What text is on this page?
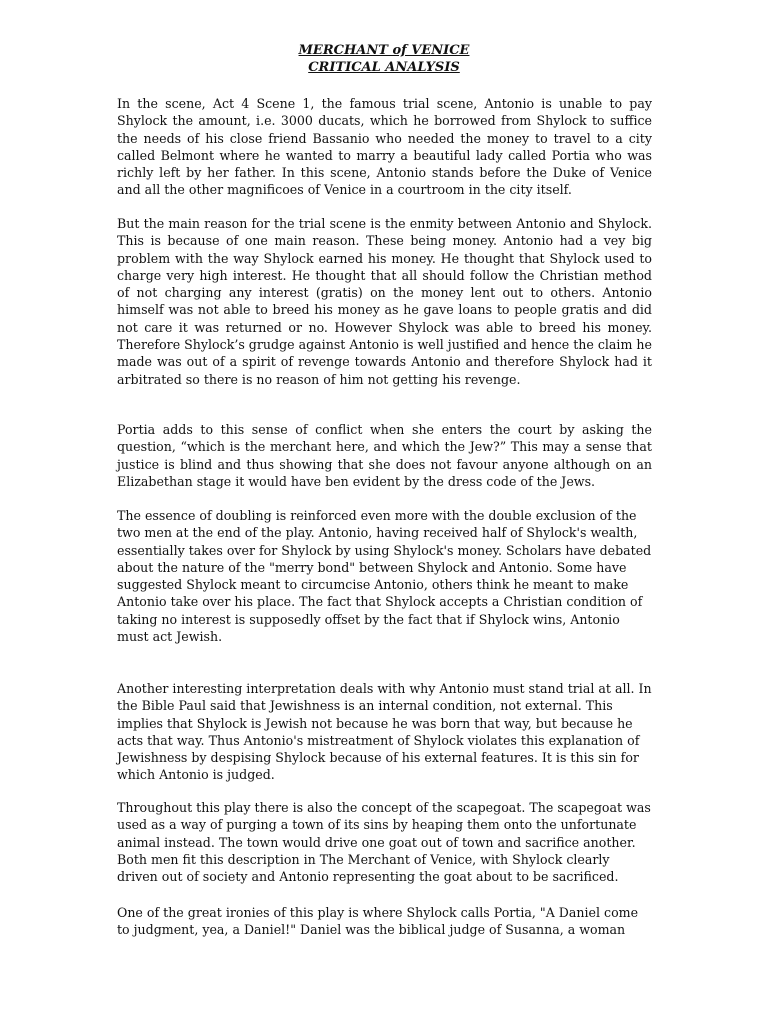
MERCHANT of VENICE
CRITICAL ANALYSIS

In the scene, Act 4 Scene 1, the famous trial scene, Antonio is unable to pay Shylock the amount, i.e. 3000 ducats, which he borrowed from Shylock to suffice the needs of his close friend Bassanio who needed the money to travel to a city called Belmont where he wanted to marry a beautiful lady called Portia who was richly left by her father. In this scene, Antonio stands before the Duke of Venice and all the other magnificoes of Venice in a courtroom in the city itself.

But the main reason for the trial scene is the enmity between Antonio and Shylock. This is because of one main reason. These being money. Antonio had a vey big problem with the way Shylock earned his money. He thought that Shylock used to charge very high interest. He thought that all should follow the Christian method of not charging any interest (gratis) on the money lent out to others. Antonio himself was not able to breed his money as he gave loans to people gratis and did not care it was returned or no. However Shylock was able to breed his money. Therefore Shylock’s grudge against Antonio is well justified and hence the claim he made was out of a spirit of revenge towards Antonio and therefore Shylock had it arbitrated so there is no reason of him not getting his revenge.

Portia adds to this sense of conflict when she enters the court by asking the question, “which is the merchant here, and which the Jew?” This may a sense that justice is blind and thus showing that she does not favour anyone although on an Elizabethan stage it would have ben evident by the dress code of the Jews.

The essence of doubling is reinforced even more with the double exclusion of the two men at the end of the play. Antonio, having received half of Shylock's wealth, essentially takes over for Shylock by using Shylock's money. Scholars have debated about the nature of the "merry bond" between Shylock and Antonio. Some have suggested Shylock meant to circumcise Antonio, others think he meant to make Antonio take over his place. The fact that Shylock accepts a Christian condition of taking no interest is supposedly offset by the fact that if Shylock wins, Antonio must act Jewish.

Another interesting interpretation deals with why Antonio must stand trial at all. In the Bible Paul said that Jewishness is an internal condition, not external. This implies that Shylock is Jewish not because he was born that way, but because he acts that way. Thus Antonio's mistreatment of Shylock violates this explanation of Jewishness by despising Shylock because of his external features. It is this sin for which Antonio is judged.

Throughout this play there is also the concept of the scapegoat. The scapegoat was used as a way of purging a town of its sins by heaping them onto the unfortunate animal instead. The town would drive one goat out of town and sacrifice another. Both men fit this description in The Merchant of Venice, with Shylock clearly driven out of society and Antonio representing the goat about to be sacrificed.

One of the great ironies of this play is where Shylock calls Portia, "A Daniel come to judgment, yea, a Daniel!" Daniel was the biblical judge of Susanna, a woman
